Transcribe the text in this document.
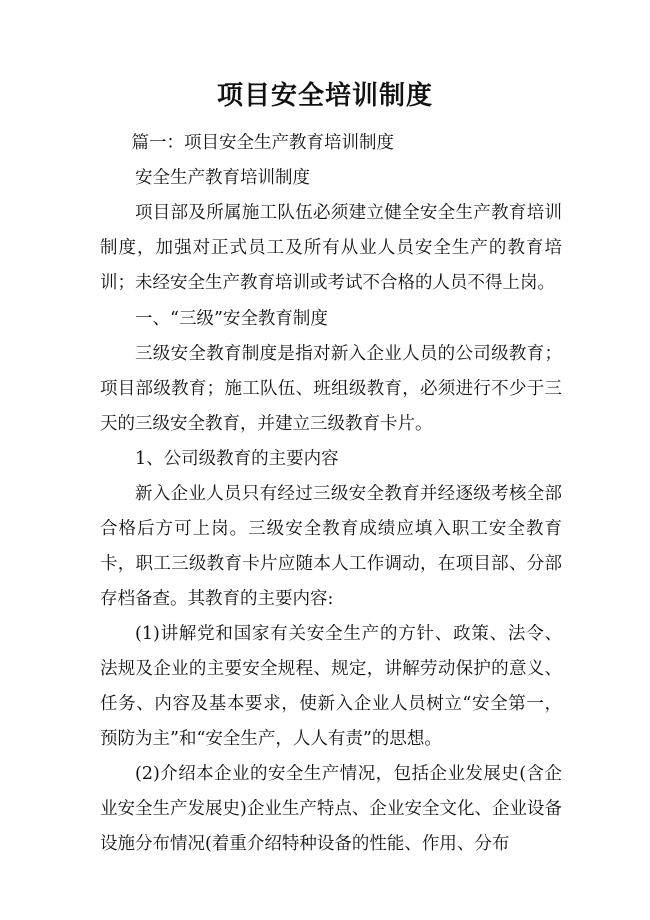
项目安全培训制度

篇一：项目安全生产教育培训制度

安全生产教育培训制度

项目部及所属施工队伍必须建立健全安全生产教育培训制度，加强对正式员工及所有从业人员安全生产的教育培训；未经安全生产教育培训或考试不合格的人员不得上岗。

一、“三级”安全教育制度

三级安全教育制度是指对新入企业人员的公司级教育；项目部级教育；施工队伍、班组级教育，必须进行不少于三天的三级安全教育，并建立三级教育卡片。

1、公司级教育的主要内容

新入企业人员只有经过三级安全教育并经逐级考核全部合格后方可上岗。三级安全教育成绩应填入职工安全教育卡，职工三级教育卡片应随本人工作调动，在项目部、分部存档备查。其教育的主要内容:

(1)讲解党和国家有关安全生产的方针、政策、法令、法规及企业的主要安全规程、规定，讲解劳动保护的意义、任务、内容及基本要求，使新入企业人员树立“安全第一，预防为主”和“安全生产，人人有责”的思想。

(2)介绍本企业的安全生产情况，包括企业发展史(含企业安全生产发展史)企业生产特点、企业安全文化、企业设备设施分布情况(着重介绍特种设备的性能、作用、分布
